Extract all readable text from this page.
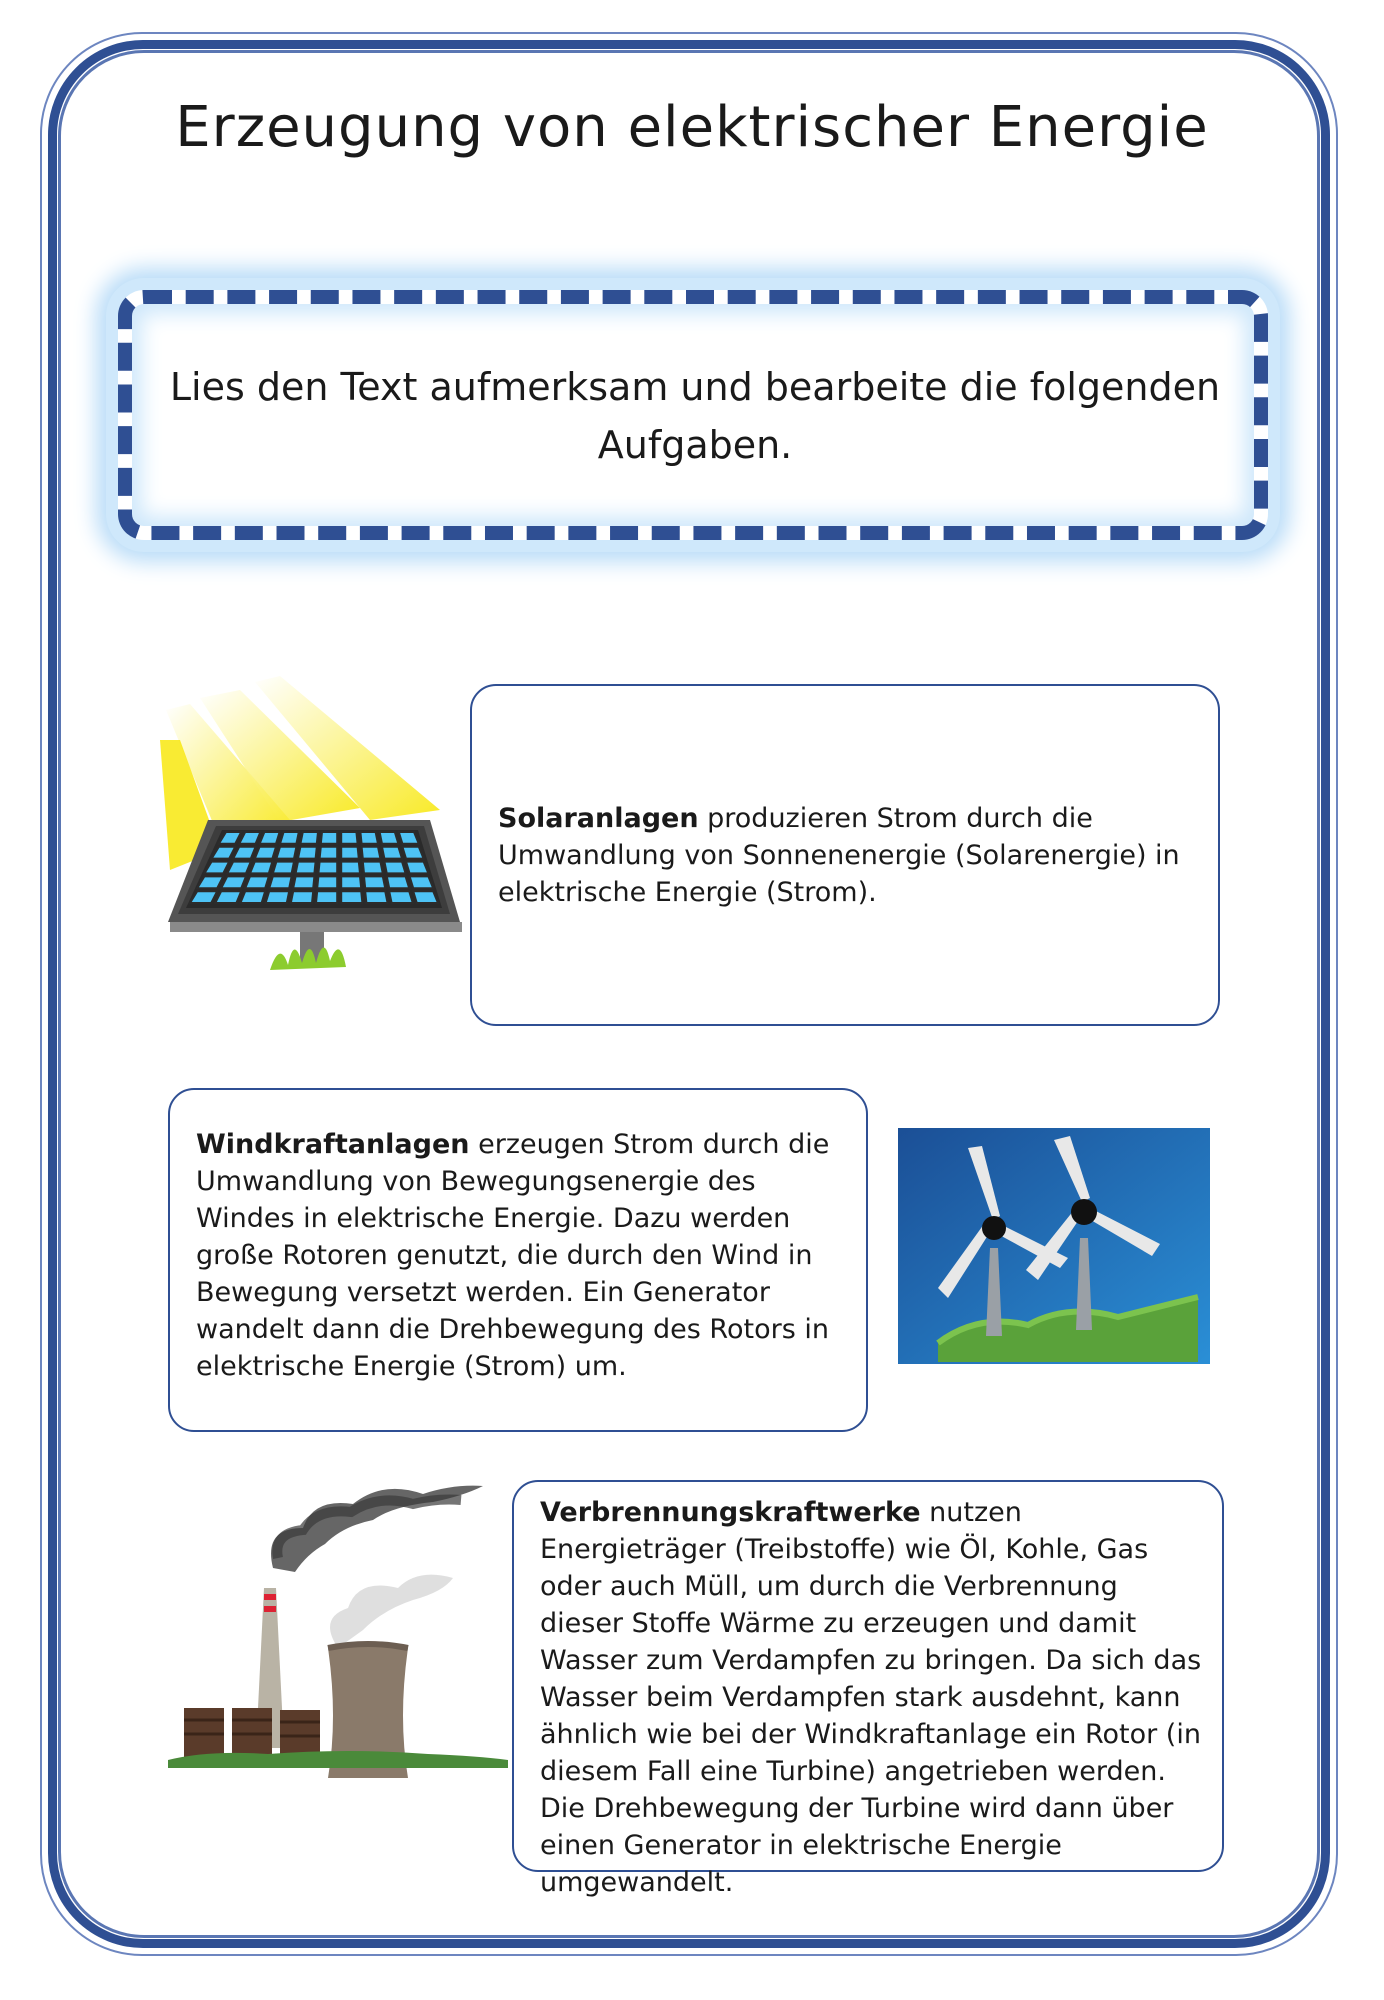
Erzeugung von elektrischer Energie
Lies den Text aufmerksam und bearbeite die folgenden Aufgaben.
Solaranlagen produzieren Strom durch die Umwandlung von Sonnenenergie (Solarenergie) in elektrische Energie (Strom).
Windkraftanlagen erzeugen Strom durch die Umwandlung von Bewegungsenergie des Windes in elektrische Energie. Dazu werden große Rotoren genutzt, die durch den Wind in Bewegung versetzt werden. Ein Generator wandelt dann die Drehbewegung des Rotors in elektrische Energie (Strom) um.
Verbrennungskraftwerke nutzen Energieträger (Treibstoffe) wie Öl, Kohle, Gas oder auch Müll, um durch die Verbrennung dieser Stoffe Wärme zu erzeugen und damit Wasser zum Verdampfen zu bringen. Da sich das Wasser beim Verdampfen stark ausdehnt, kann ähnlich wie bei der Windkraftanlage ein Rotor (in diesem Fall eine Turbine) angetrieben werden. Die Drehbewegung der Turbine wird dann über einen Generator in elektrische Energie umgewandelt.
